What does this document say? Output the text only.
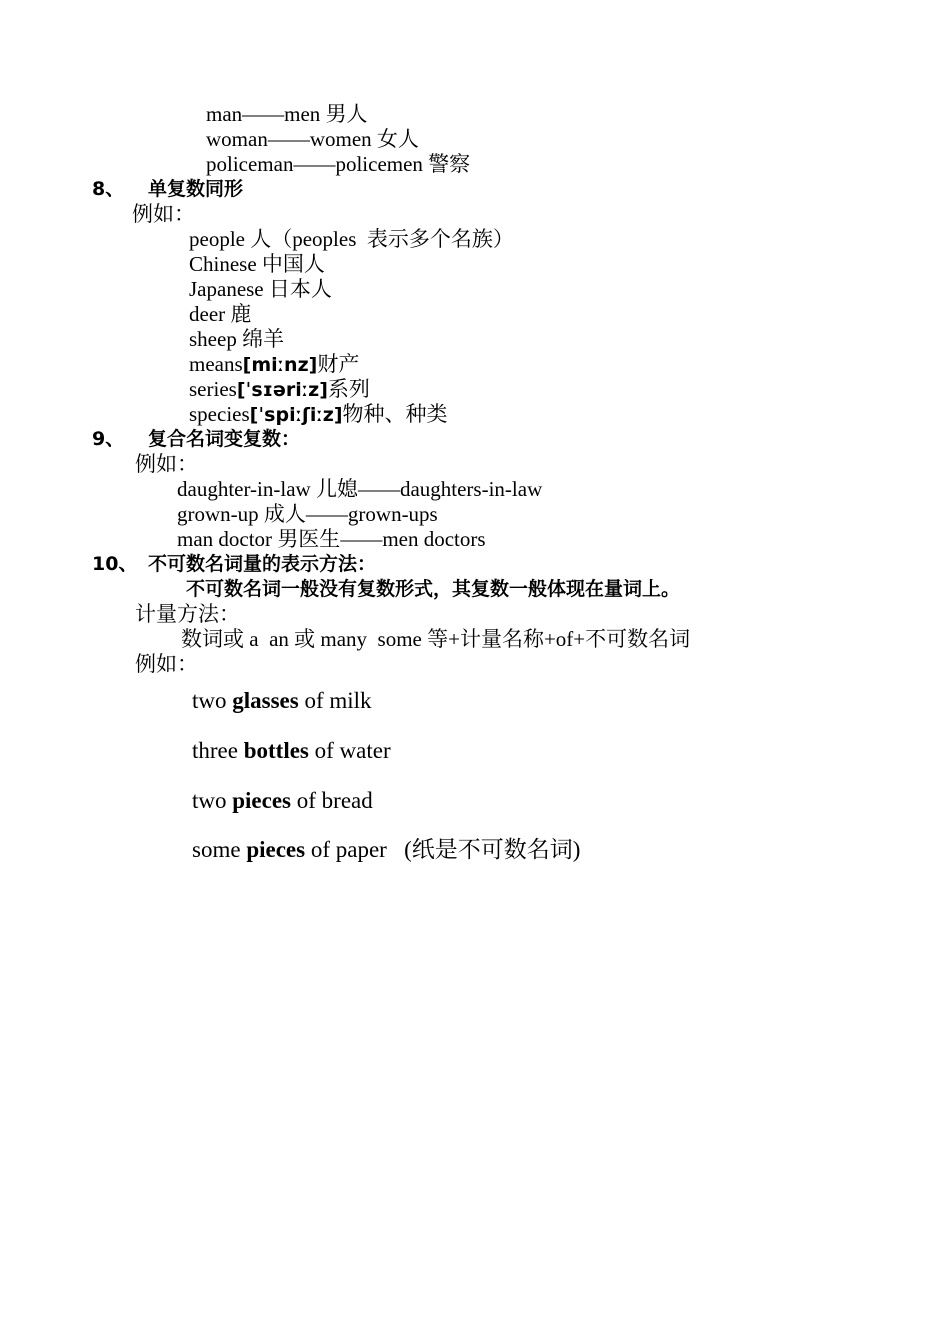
man——men 男人
woman——women 女人
policeman——policemen 警察
8、 单复数同形
例如：
people 人（peoples  表示多个名族）
Chinese 中国人
Japanese 日本人
deer 鹿
sheep 绵羊
means[miːnz]财产
series[ˈsɪəriːz]系列
species[ˈspiːʃiːz]物种、种类
9、 复合名词变复数：
例如：
daughter-in-law 儿媳——daughters-in-law
grown-up 成人——grown-ups
man doctor 男医生——men doctors
10、 不可数名词量的表示方法：
不可数名词一般没有复数形式，其复数一般体现在量词上。
计量方法：
数词或 a  an 或 many  some 等+计量名称+of+不可数名词
例如：
two glasses of milk
three bottles of water
two pieces of bread
some pieces of paper   (纸是不可数名词)
